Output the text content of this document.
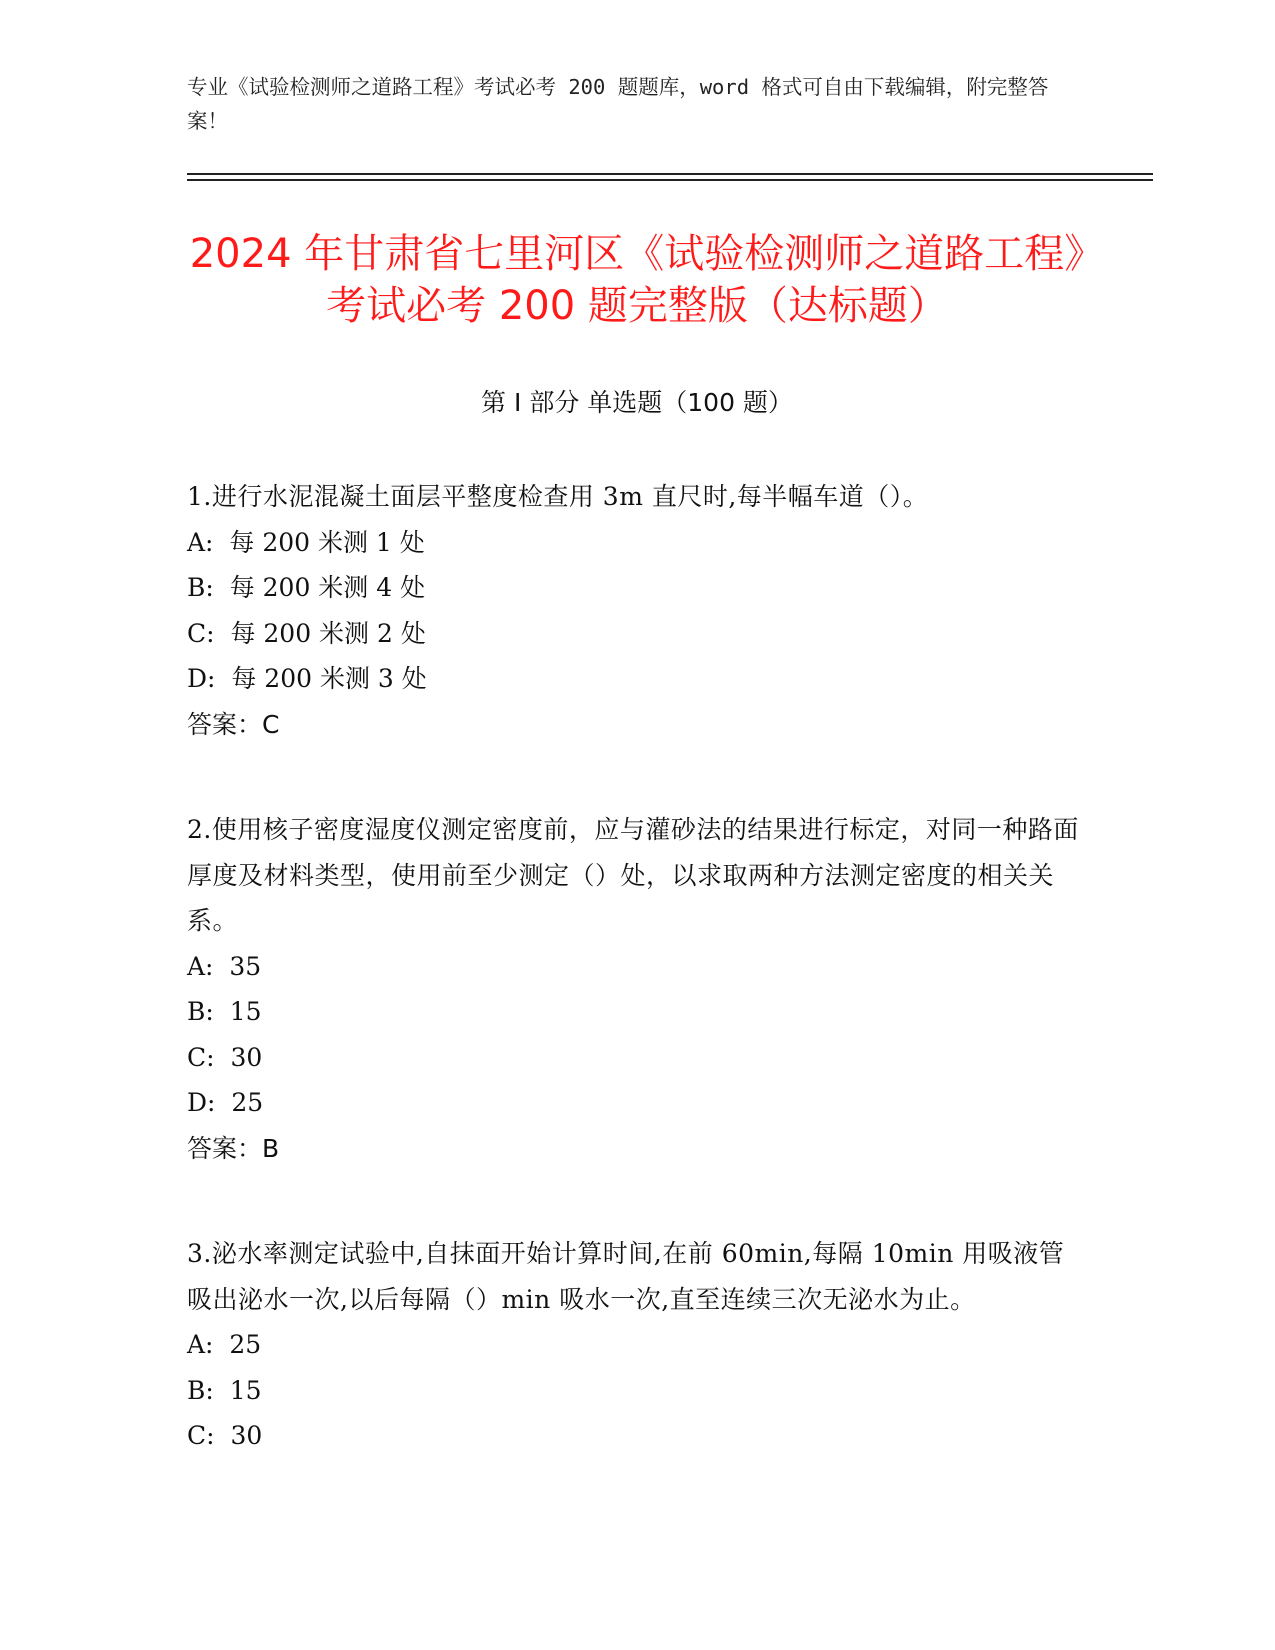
专业《试验检测师之道路工程》考试必考 200 题题库，word 格式可自由下载编辑，附完整答案！
2024 年甘肃省七里河区《试验检测师之道路工程》考试必考 200 题完整版（达标题）
第 I 部分 单选题（100 题）
1.进行水泥混凝土面层平整度检查用 3m 直尺时,每半幅车道（）。
A:  每 200 米测 1 处
B:  每 200 米测 4 处
C:  每 200 米测 2 处
D:  每 200 米测 3 处
答案：C
2.使用核子密度湿度仪测定密度前，应与灌砂法的结果进行标定，对同一种路面厚度及材料类型，使用前至少测定（）处，以求取两种方法测定密度的相关关系。
A:  35
B:  15
C:  30
D:  25
答案：B
3.泌水率测定试验中,自抹面开始计算时间,在前 60min,每隔 10min 用吸液管吸出泌水一次,以后每隔（）min 吸水一次,直至连续三次无泌水为止。
A:  25
B:  15
C:  30
